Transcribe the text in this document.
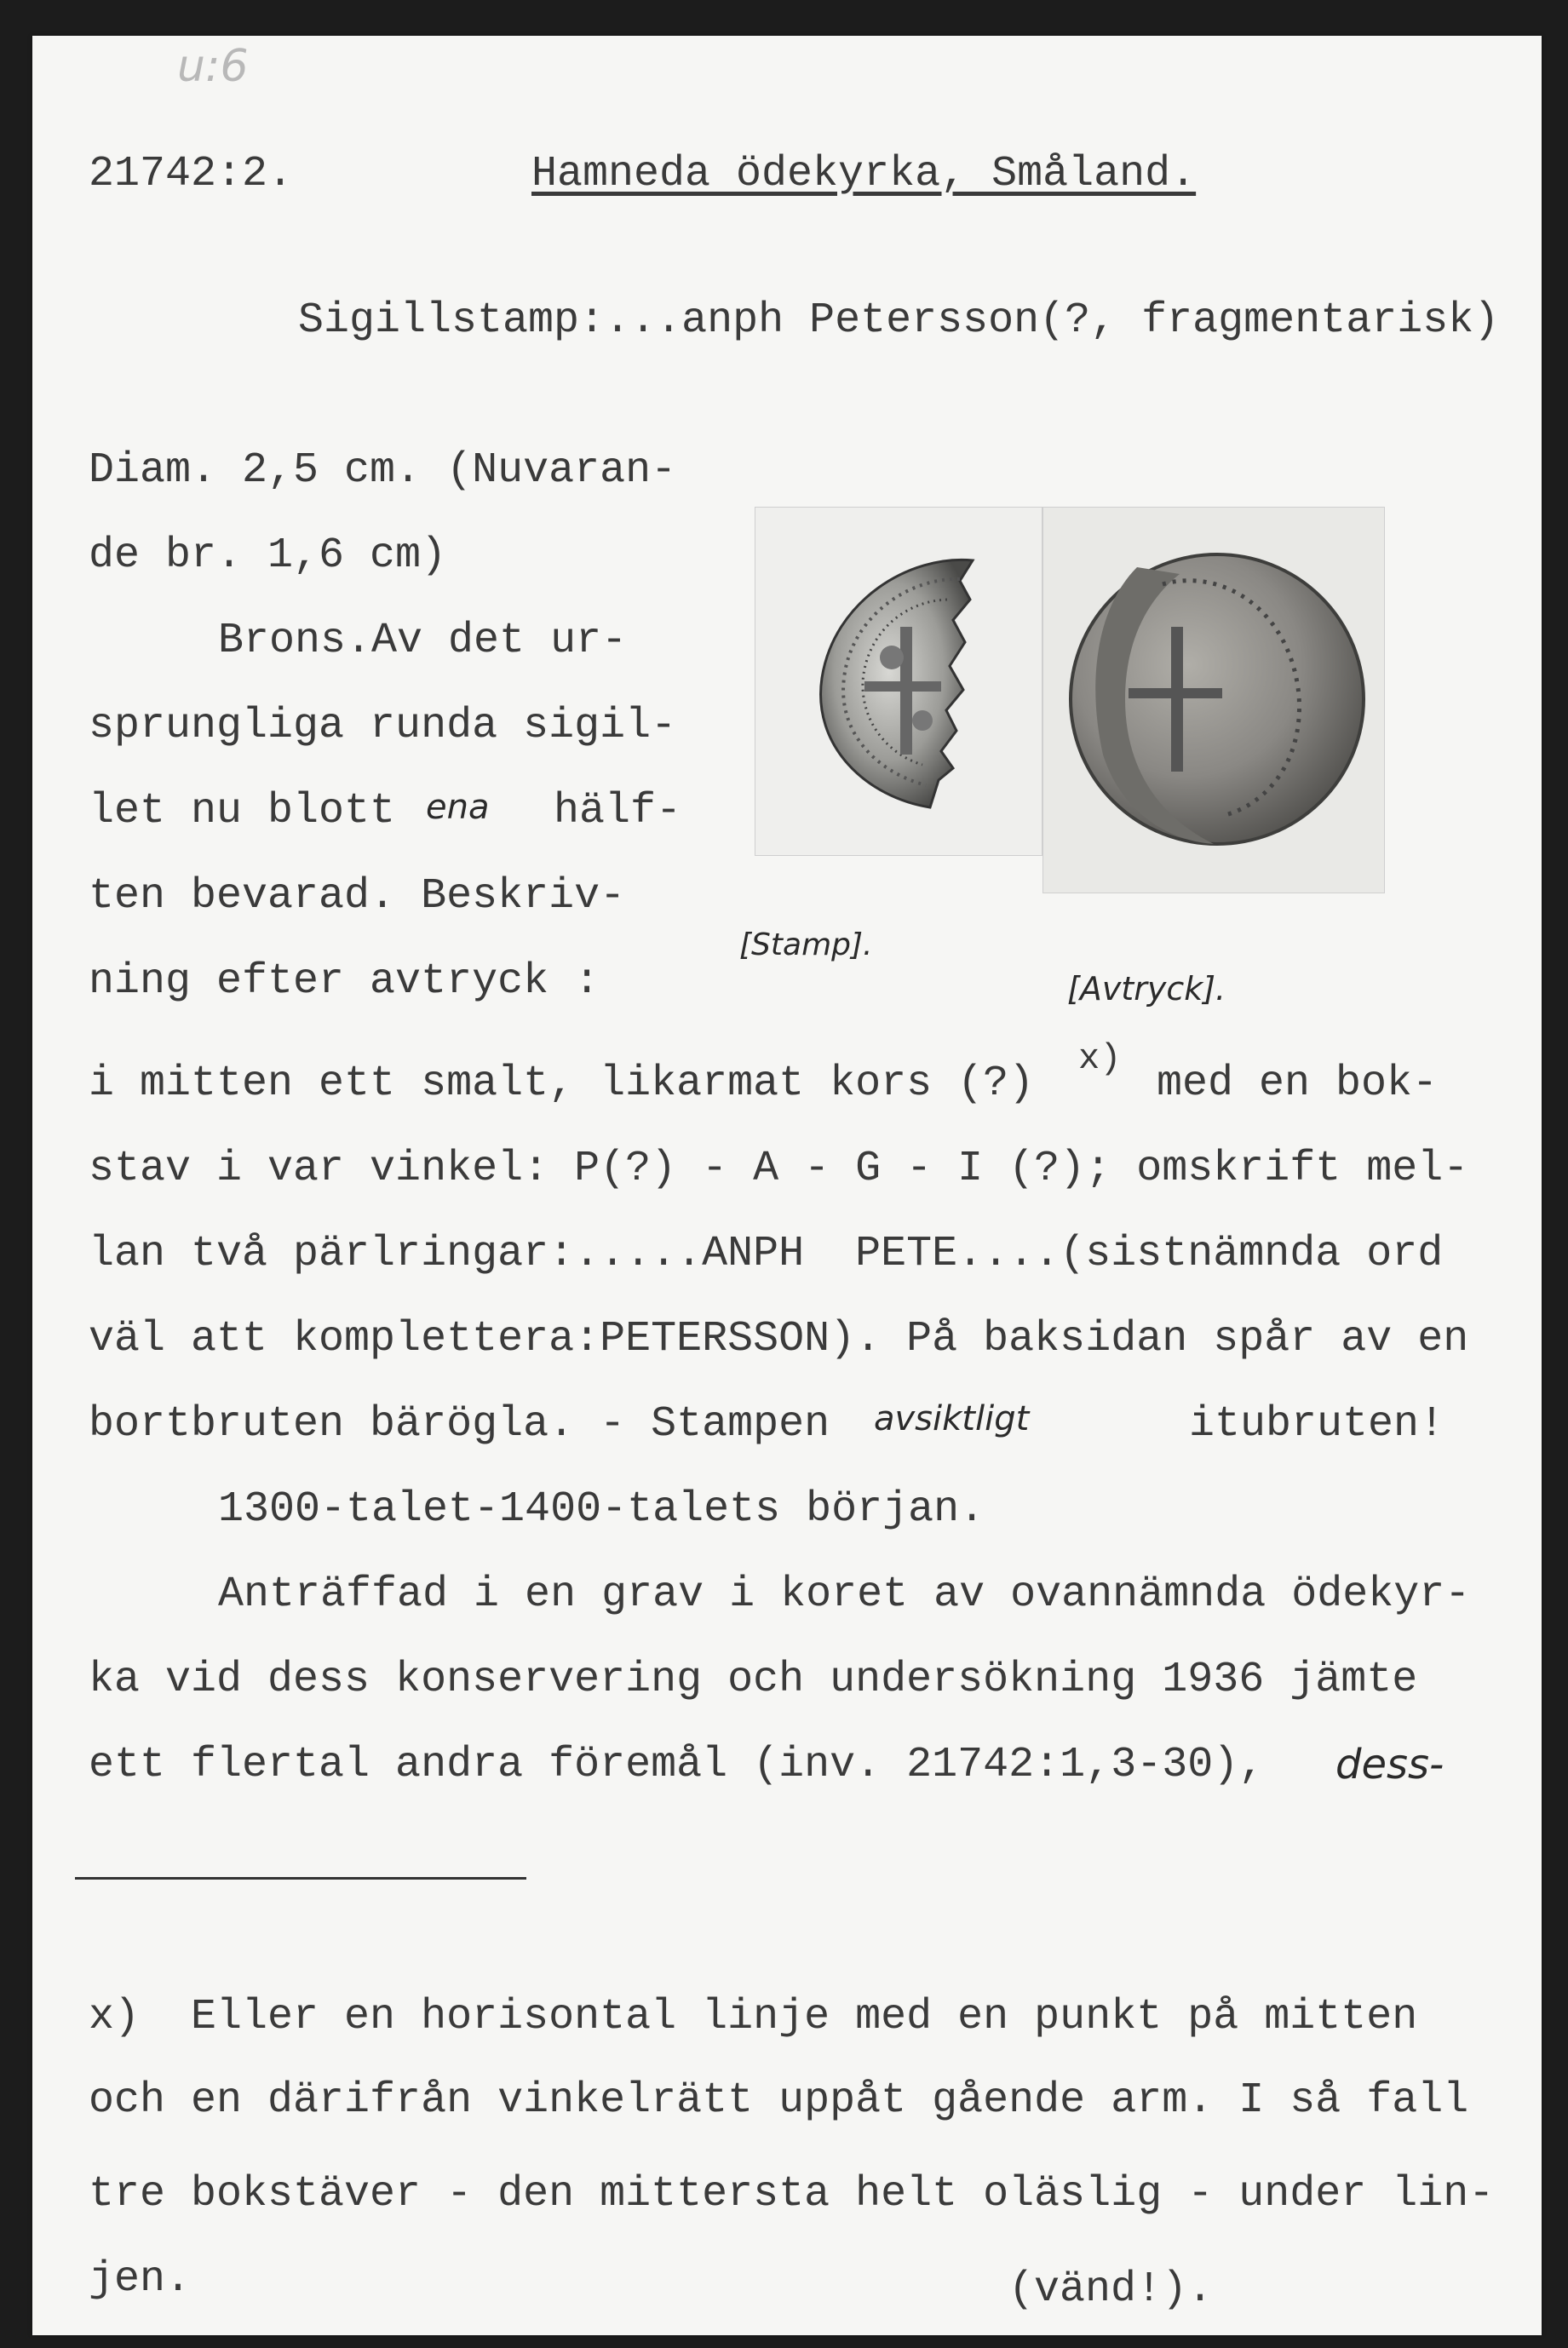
u:6
21742:2.	Hamneda ödekyrka, Småland.
Sigillstamp:...anph Petersson(?, fragmentarisk)
Diam. 2,5 cm. (Nuvaran-
de br. 1,6 cm)
Brons.Av det ur-
sprungliga runda sigil-
let nu blott ena hälf-
ten bevarad. Beskriv-
ning efter avtryck :
[Stamp].
[Avtryck].
i mitten ett smalt, likarmat kors (?)
x)
med en bok-
stav i var vinkel: P(?) - A - G - I (?); omskrift mel-
lan två pärlringar:.....ANPH  PETE....(sistnämnda ord
väl att komplettera:PETERSSON). På baksidan spår av en
bortbruten bärögla. - Stampen avsiktligt	itubruten!
1300-talet-1400-talets början.
Anträffad i en grav i koret av ovannämnda ödekyr-
ka vid dess konservering och undersökning 1936 jämte
ett flertal andra föremål (inv. 21742:1,3-30), dess-
x)  Eller en horisontal linje med en punkt på mitten
och en därifrån vinkelrätt uppåt gående arm. I så fall
tre bokstäver - den mittersta helt oläslig - under lin-
jen.	(vänd!).
